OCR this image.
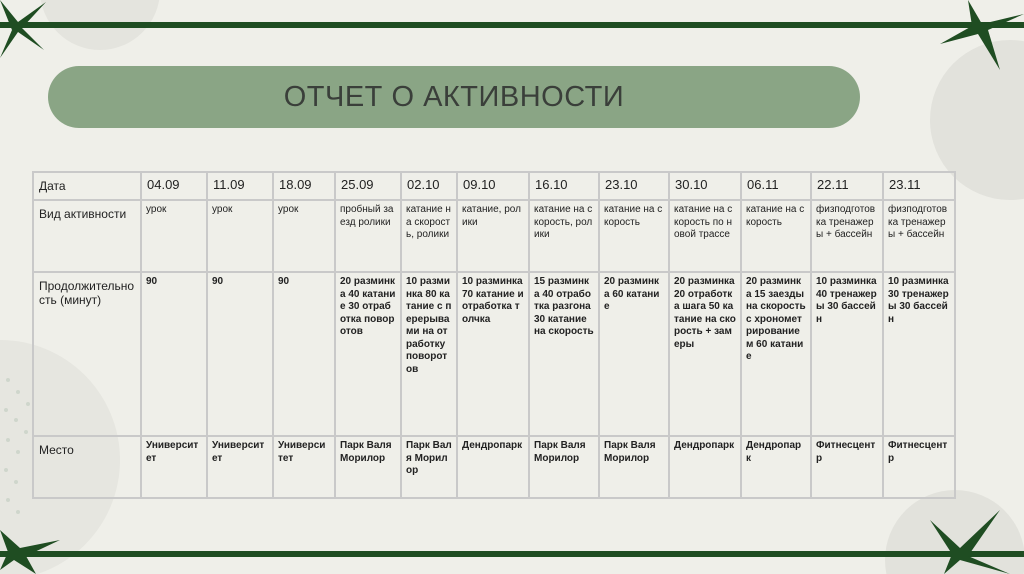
ОТЧЕТ О АКТИВНОСТИ
Дата	04.09	11.09	18.09	25.09	02.10	09.10	16.10	23.10	30.10	06.11	22.11	23.11
Вид активности	урок	урок	урок	пробный заезд ролики	катание на скорость, ролики	катание, ролики	катание на скорость, ролики	катание на скорость	катание на скорость по новой трассе	катание на скорость	физподготовка тренажеры + бассейн	физподготовка тренажеры + бассейн
Продолжительность (минут)	90	90	90	20 разминка 40 катание 30 отработка поворотов	10 разминка 80 катание с перерывами на отработку поворотов	10 разминка 70 катание и отработка толчка	15 разминка 40 отработка разгона 30 катание на скорость	20 разминка 60 катание	20 разминка 20 отработка шага 50 катание на скорость + замеры	20 разминка 15 заезды на скорость с хронометрированием 60 катание	10 разминка 40 тренажеры 30 бассейн	10 разминка 30 тренажеры 30 бассейн
Место	Университет	Университет	Университет	Парк Валя Морилор	Парк Валя Морилор	Дендропарк	Парк Валя Морилор	Парк Валя Морилор	Дендропарк	Дендропарк	Фитнесцентр	Фитнесцентр
